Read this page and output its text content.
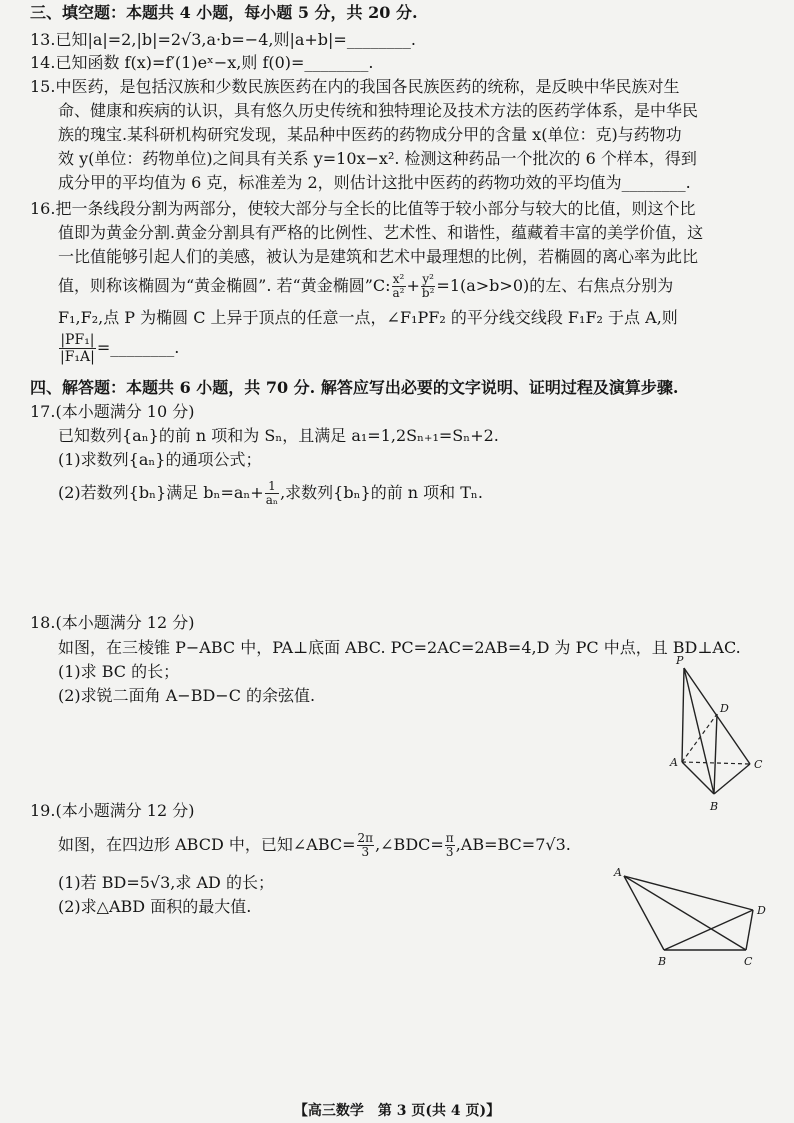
三、填空题：本题共 4 小题，每小题 5 分，共 20 分.
13.已知|a|=2,|b|=2√3,a·b=−4,则|a+b|=________.
14.已知函数 f(x)=f′(1)eˣ−x,则 f(0)=________.
15.中医药，是包括汉族和少数民族医药在内的我国各民族医药的统称，是反映中华民族对生
命、健康和疾病的认识，具有悠久历史传统和独特理论及技术方法的医药学体系，是中华民
族的瑰宝.某科研机构研究发现，某品种中医药的药物成分甲的含量 x(单位：克)与药物功
效 y(单位：药物单位)之间具有关系 y=10x−x². 检测这种药品一个批次的 6 个样本，得到
成分甲的平均值为 6 克，标准差为 2，则估计这批中医药的药物功效的平均值为________.
16.把一条线段分割为两部分，使较大部分与全长的比值等于较小部分与较大的比值，则这个比
值即为黄金分割.黄金分割具有严格的比例性、艺术性、和谐性，蕴藏着丰富的美学价值，这
一比值能够引起人们的美感，被认为是建筑和艺术中最理想的比例，若椭圆的离心率为此比
值，则称该椭圆为“黄金椭圆”. 若“黄金椭圆”C: $\frac{\text{x²}}{\text{a²}} + \frac{\text{y²}}{\text{b²}} =1(a>b>0)$的左、右焦点分别为
F₁,F₂,点 P 为椭圆 C 上异于顶点的任意一点，∠F₁PF₂ 的平分线交线段 F₁F₂ 于点 A,则
$\frac{\text{|PF₁|}}{\text{|F₁A|}}$ =________.
四、解答题：本题共 6 小题，共 70 分. 解答应写出必要的文字说明、证明过程及演算步骤.
17.(本小题满分 10 分)
已知数列{aₙ}的前 n 项和为 Sₙ，且满足 a₁=1,2Sₙ₊₁=Sₙ+2.
(1)求数列{aₙ}的通项公式；
(2)若数列{bₙ}满足 $b_n=a_n+ \frac{1}{\text{aₙ}}$ ,求数列{bₙ}的前 n 项和 Tₙ.
18.(本小题满分 12 分)
如图，在三棱锥 P−ABC 中，PA⊥底面 ABC. PC=2AC=2AB=4,D 为 PC 中点，且 BD⊥AC.
(1)求 BC 的长；
(2)求锐二面角 A−BD−C 的余弦值.
P
D
A	C
B
19.(本小题满分 12 分)
如图，在四边形 ABCD 中，已知∠ABC= $\frac{2\pi}{3}$ ,∠BDC= $\frac{\pi}{3} ,AB=BC=7√3$.
(1)若 BD=5√3,求 AD 的长；
(2)求△ABD 面积的最大值.
A
D
B	C
【高三数学　第 3 页(共 4 页)】
